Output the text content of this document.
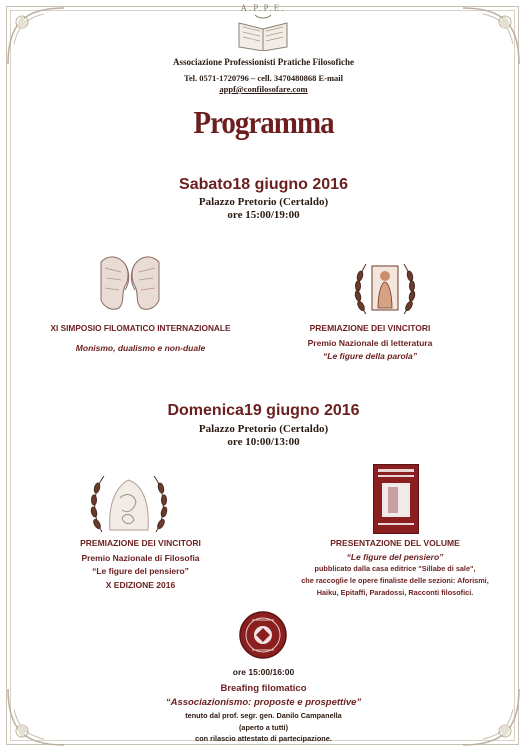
A.P.P.E.
Associazione Professionisti Pratiche Filosofiche
Tel. 0571-1720796 – cell. 3470480868 E-mail
appf@confilosofare.com
Programma
Sabato18 giugno 2016
Palazzo Pretorio (Certaldo)
ore 15:00/19:00
XI SIMPOSIO FILOMATICO INTERNAZIONALE
Monismo, dualismo e non-duale
PREMIAZIONE DEI VINCITORI
Premio Nazionale di letteratura
“Le figure della parola”
Domenica19 giugno 2016
Palazzo Pretorio (Certaldo)
ore 10:00/13:00
PREMIAZIONE DEI VINCITORI
Premio Nazionale di Filosofia
“Le figure del pensiero”
X EDIZIONE 2016
PRESENTAZIONE DEL VOLUME
“Le figure del pensiero”
pubblicato dalla casa editrice "Sillabe di sale",
che raccoglie le opere finaliste delle sezioni: Aforismi,
Haiku, Epitaffi, Paradossi, Racconti filosofici.
ore 15:00/16:00
Breafing filomatico
“Associazionismo: proposte e prospettive”
tenuto dal prof. segr. gen. Danilo Campanella
(aperto a tutti)
con rilascio attestato di partecipazione.
